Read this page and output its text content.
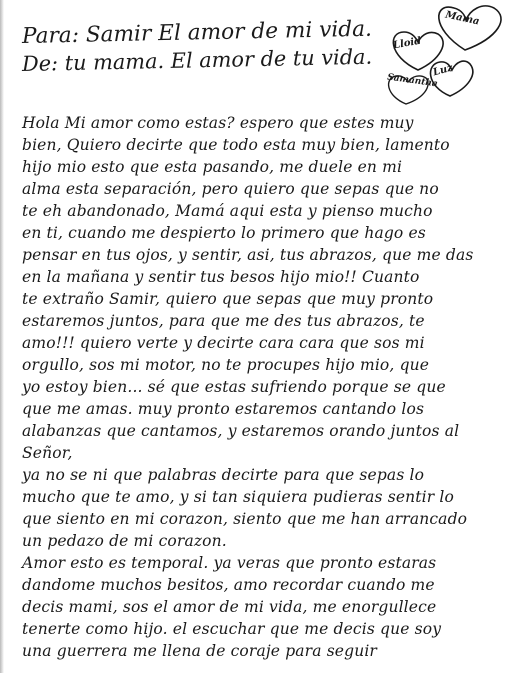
Para: Samir El amor de mi vida.
De: tu mama. El amor de tu vida.
Mama
Lloid
Luz
Samantha
Hola Mi amor como estas? espero que estes muy
bien, Quiero decirte que todo esta muy bien, lamento
hijo mio esto que esta pasando, me duele en mi
alma esta separación, pero quiero que sepas que no
te eh abandonado, Mamá aqui esta y pienso mucho
en ti, cuando me despierto lo primero que hago es
pensar en tus ojos, y sentir, asi, tus abrazos, que me das
en la mañana y sentir tus besos hijo mio!! Cuanto
te extraño Samir, quiero que sepas que muy pronto
estaremos juntos, para que me des tus abrazos, te
amo!!! quiero verte y decirte cara cara que sos mi
orgullo, sos mi motor, no te procupes hijo mio, que
yo estoy bien... sé que estas sufriendo porque se que
que me amas. muy pronto estaremos cantando los
alabanzas que cantamos, y estaremos orando juntos al
Señor,
ya no se ni que palabras decirte para que sepas lo
mucho que te amo, y si tan siquiera pudieras sentir lo
que siento en mi corazon, siento que me han arrancado
un pedazo de mi corazon.
Amor esto es temporal. ya veras que pronto estaras
dandome muchos besitos, amo recordar cuando me
decis mami, sos el amor de mi vida, me enorgullece
tenerte como hijo. el escuchar que me decis que soy
una guerrera me llena de coraje para seguir
